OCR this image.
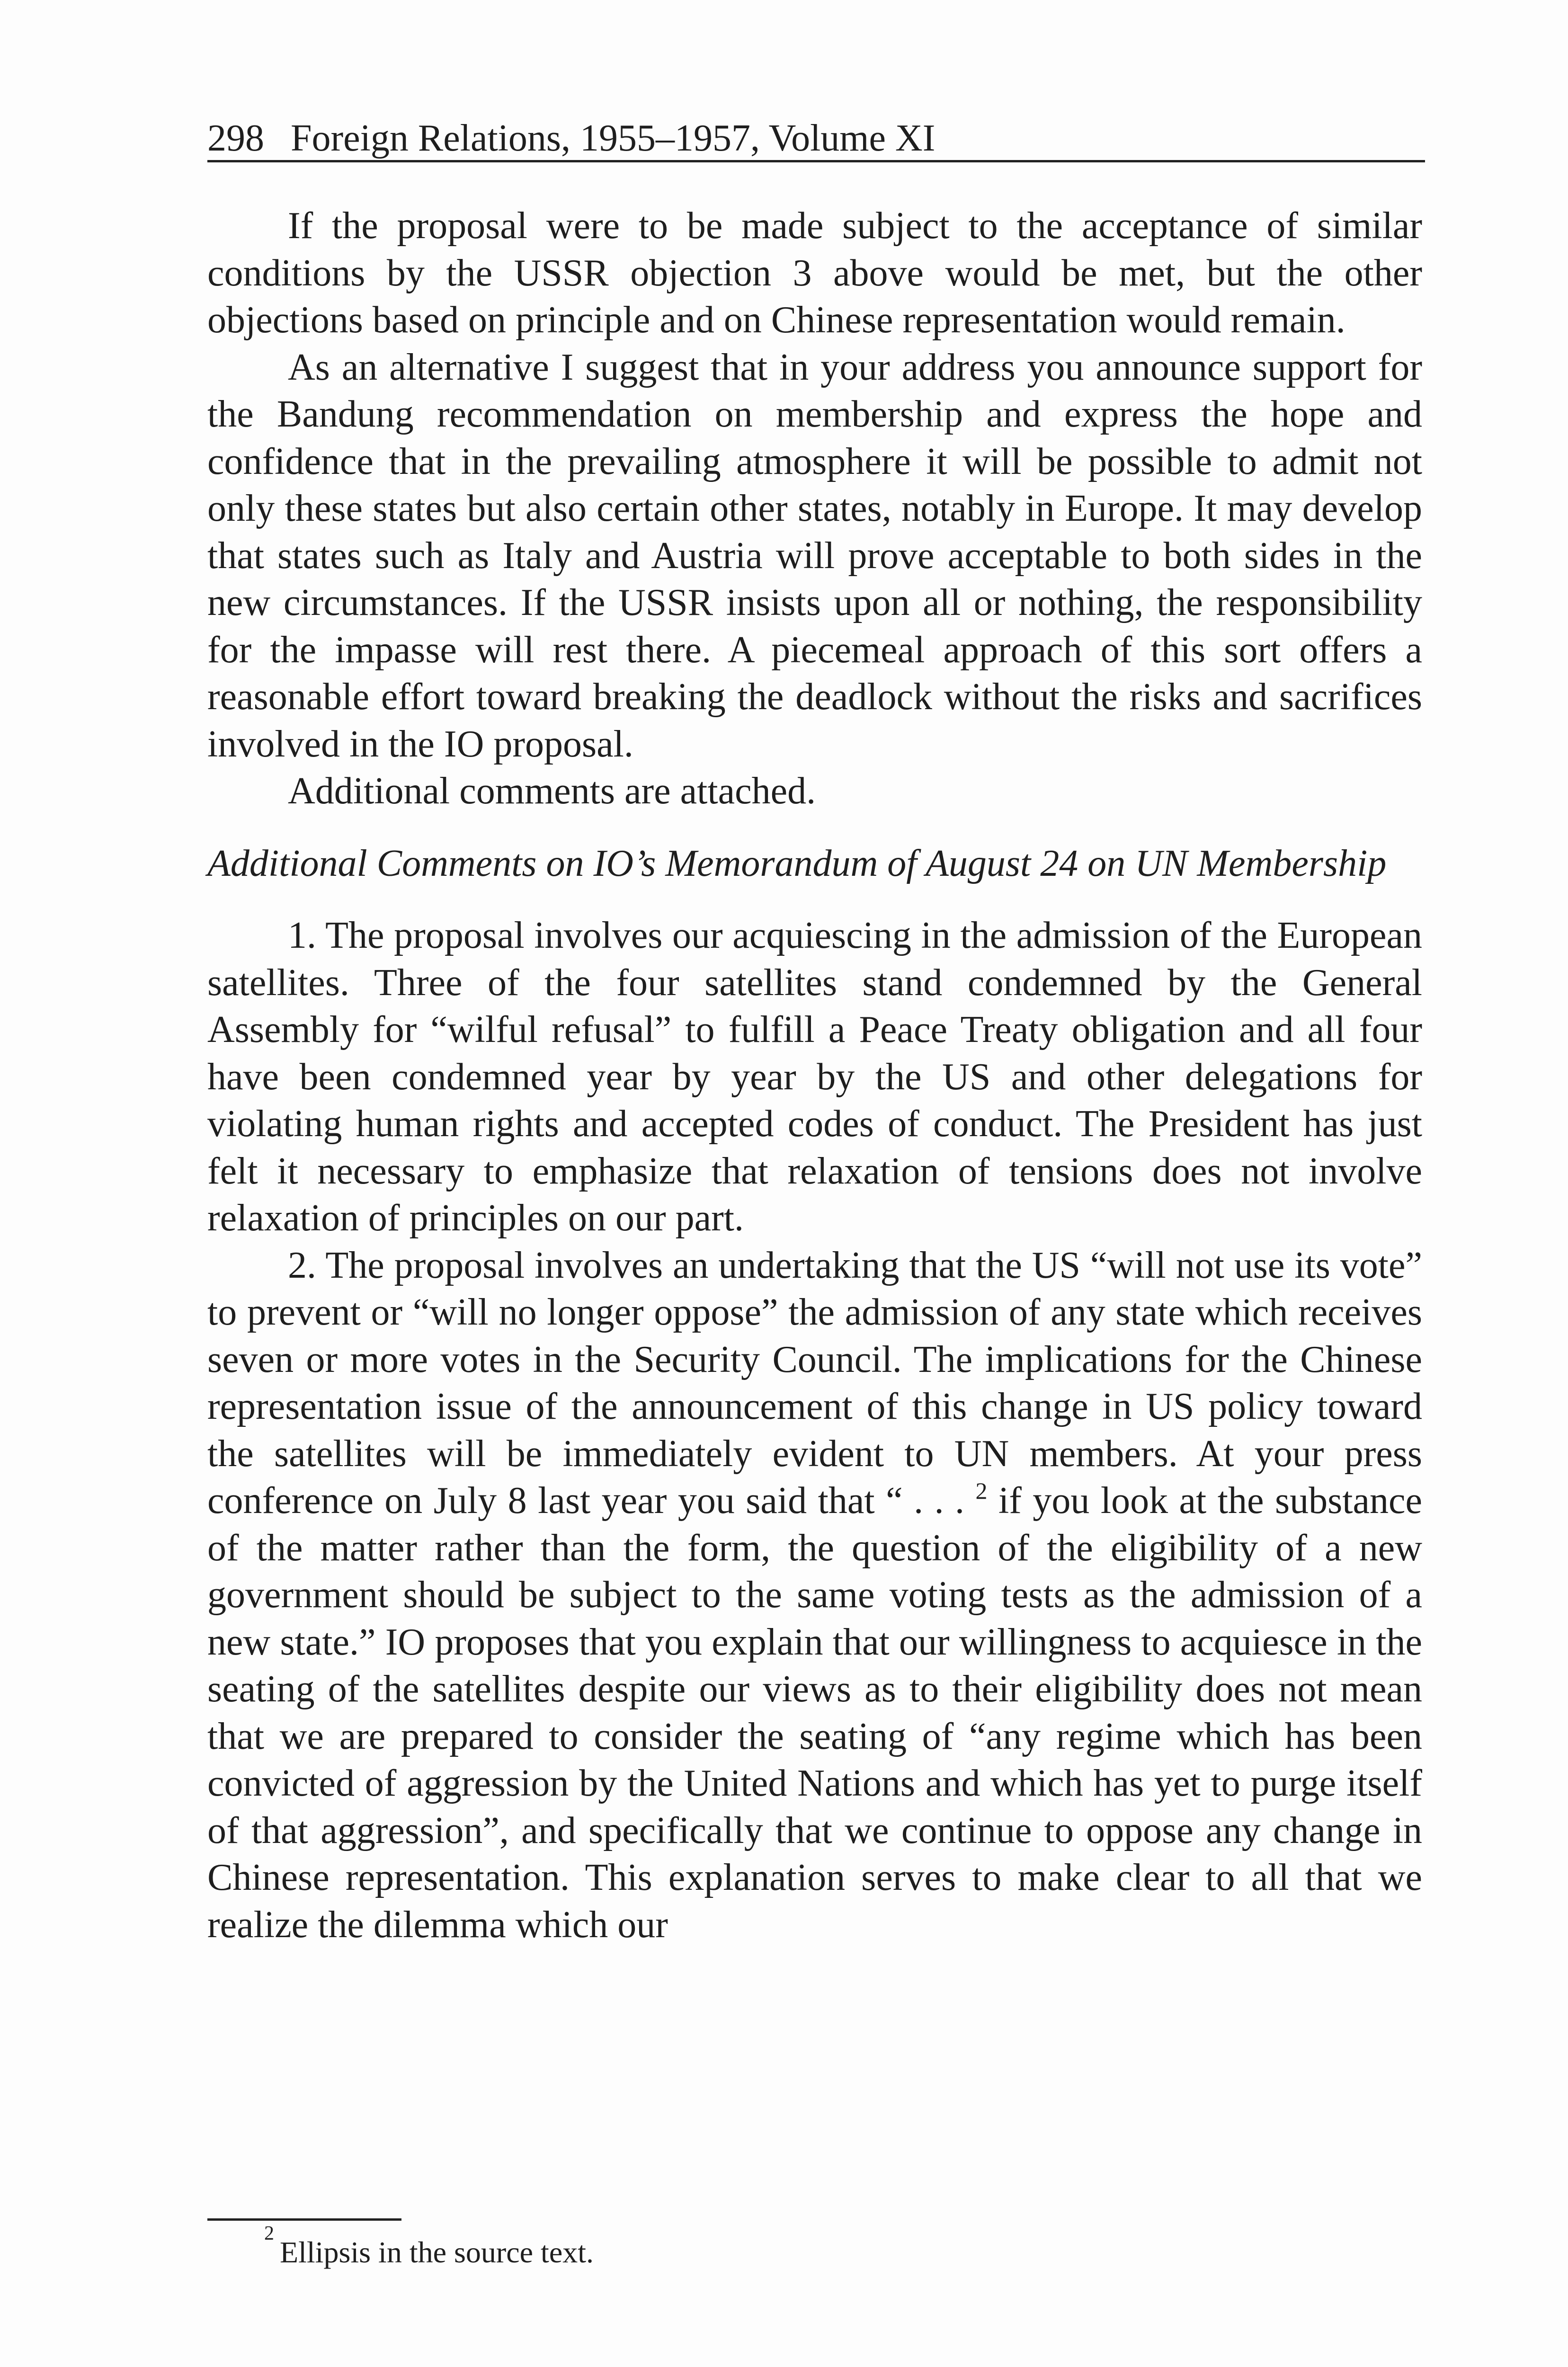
298 Foreign Relations, 1955–1957, Volume XI

If the proposal were to be made subject to the acceptance of similar conditions by the USSR objection 3 above would be met, but the other objections based on principle and on Chinese representation would remain.

As an alternative I suggest that in your address you announce support for the Bandung recommendation on membership and express the hope and confidence that in the prevailing atmosphere it will be possible to admit not only these states but also certain other states, notably in Europe. It may develop that states such as Italy and Austria will prove acceptable to both sides in the new circumstances. If the USSR insists upon all or nothing, the responsibility for the impasse will rest there. A piecemeal approach of this sort offers a reasonable effort toward breaking the deadlock without the risks and sacrifices involved in the IO proposal.

Additional comments are attached.

Additional Comments on IO’s Memorandum of August 24 on UN Membership

1. The proposal involves our acquiescing in the admission of the European satellites. Three of the four satellites stand condemned by the General Assembly for “wilful refusal” to fulfill a Peace Treaty obligation and all four have been condemned year by year by the US and other delegations for violating human rights and accepted codes of conduct. The President has just felt it necessary to emphasize that relaxation of tensions does not involve relaxation of principles on our part.

2. The proposal involves an undertaking that the US “will not use its vote” to prevent or “will no longer oppose” the admission of any state which receives seven or more votes in the Security Council. The implications for the Chinese representation issue of the announcement of this change in US policy toward the satellites will be immediately evident to UN members. At your press conference on July 8 last year you said that “ . . . $^2$ if you look at the substance of the matter rather than the form, the question of the eligibility of a new government should be subject to the same voting tests as the admission of a new state.” IO proposes that you explain that our willingness to acquiesce in the seating of the satellites despite our views as to their eligibility does not mean that we are prepared to consider the seating of “any regime which has been convicted of aggression by the United Nations and which has yet to purge itself of that aggression”, and specifically that we continue to oppose any change in Chinese representation. This explanation serves to make clear to all that we realize the dilemma which our

$^2$Ellipsis in the source text.
